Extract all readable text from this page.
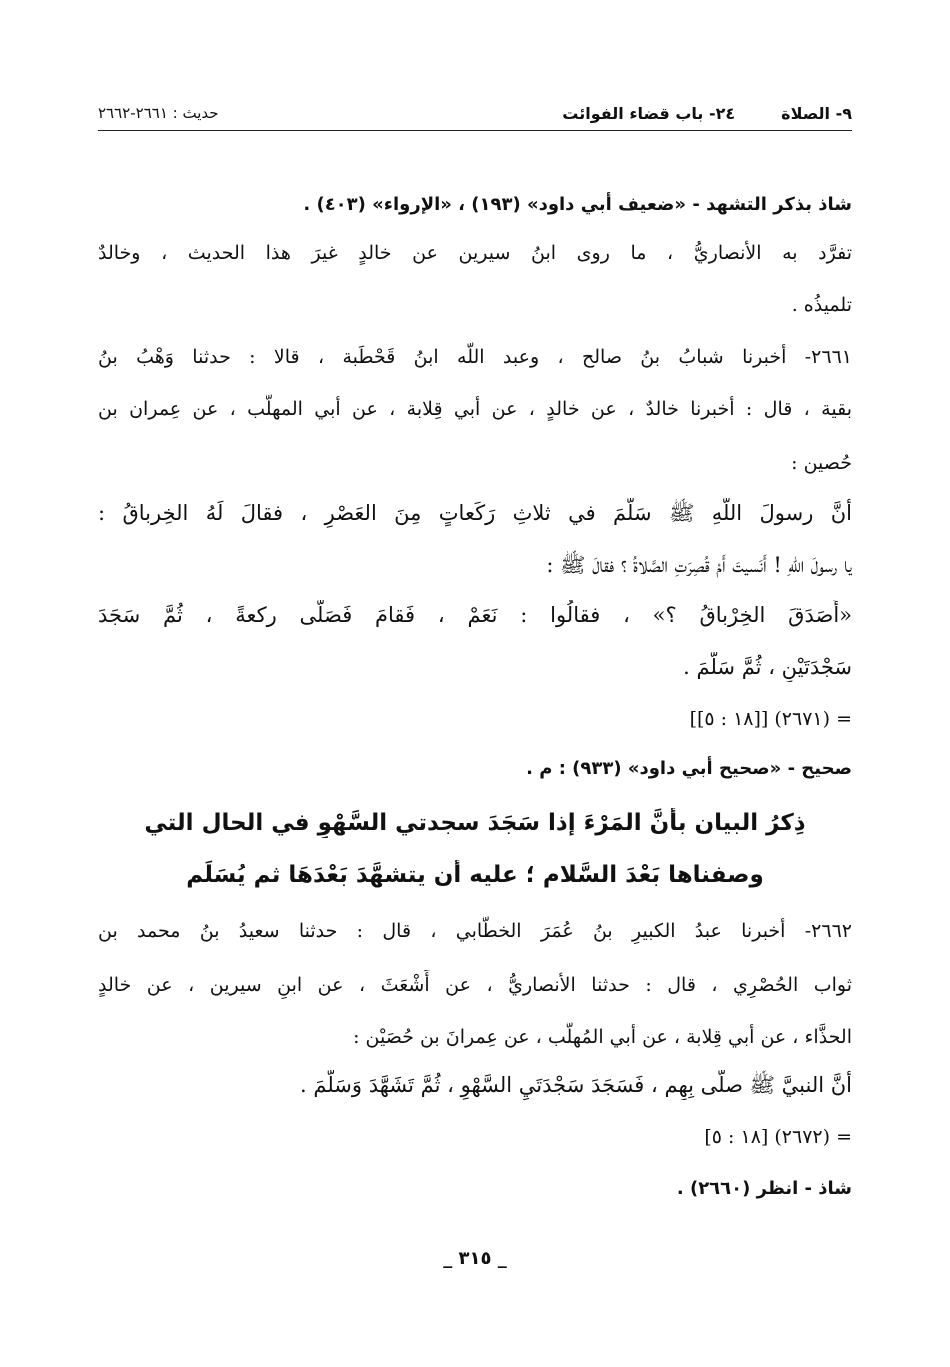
٩- الصلاة
٢٤- باب قضاء الفوائت
حديث : ٢٦٦١-٢٦٦٢
شاذ بذكر التشهد - «ضعيف أبي داود» (١٩٣) ، «الإرواء» (٤٠٣) .
تفرَّد به الأنصاريُّ ، ما روى ابنُ سيرين عن خالدٍ غيرَ هذا الحديث ، وخالدٌ
تلميذُه .
٢٦٦١- أخبرنا شبابُ بنُ صالح ، وعبد اللّه ابنُ قَحْطَبة ، قالا : حدثنا وَهْبُ بنُ
بقية ، قال : أخبرنا خالدٌ ، عن خالدٍ ، عن أبي قِلابة ، عن أبي المهلَّب ، عن عِمران بن
حُصين :
أنَّ رسولَ اللّهِ ﷺ سَلَّمَ في ثلاثِ رَكَعاتٍ مِنَ العَصْرِ ، فقالَ لَهُ الخِرباقُ :
يا رسولَ اللّهِ ! أَنَسيتَ أَمْ قُصِرَتِ الصَّلاةُ ؟ فقالَ ﷺ :
«أَصَدَقَ الخِرْباقُ ؟» ، فقالُوا : نَعَمْ ، فَقامَ فَصَلّى ركعةً ، ثُمَّ سَجَدَ
سَجْدَتَيْنِ ، ثُمَّ سَلَّمَ .
= (٢٦٧١) [[١٨ : ٥]]
صحيح - «صحيح أبي داود» (٩٣٣) : م .
ذِكرُ البيان بأنَّ المَرْءَ إذا سَجَدَ سجدتي السَّهْوِ في الحال التي
وصفناها بَعْدَ السَّلام ؛ عليه أن يتشهَّدَ بَعْدَهَا ثم يُسَلِّم
٢٦٦٢- أخبرنا عبدُ الكبيرِ بنُ عُمَرَ الخطَّابي ، قال : حدثنا سعيدُ بنُ محمد بن
ثواب الحُصْرِي ، قال : حدثنا الأنصاريُّ ، عن أَشْعَثَ ، عن ابنِ سيرين ، عن خالدٍ
الحذَّاء ، عن أبي قِلابة ، عن أبي المُهلَّب ، عن عِمرانَ بن حُصَيْن :
أنَّ النبيَّ ﷺ صلَّى بِهِم ، فَسَجَدَ سَجْدَتَيِ السَّهْوِ ، ثُمَّ تَشَهَّدَ وَسَلَّمَ .
= (٢٦٧٢) [١٨ : ٥]
شاذ - انظر (٢٦٦٠) .
_ ٣١٥ _
